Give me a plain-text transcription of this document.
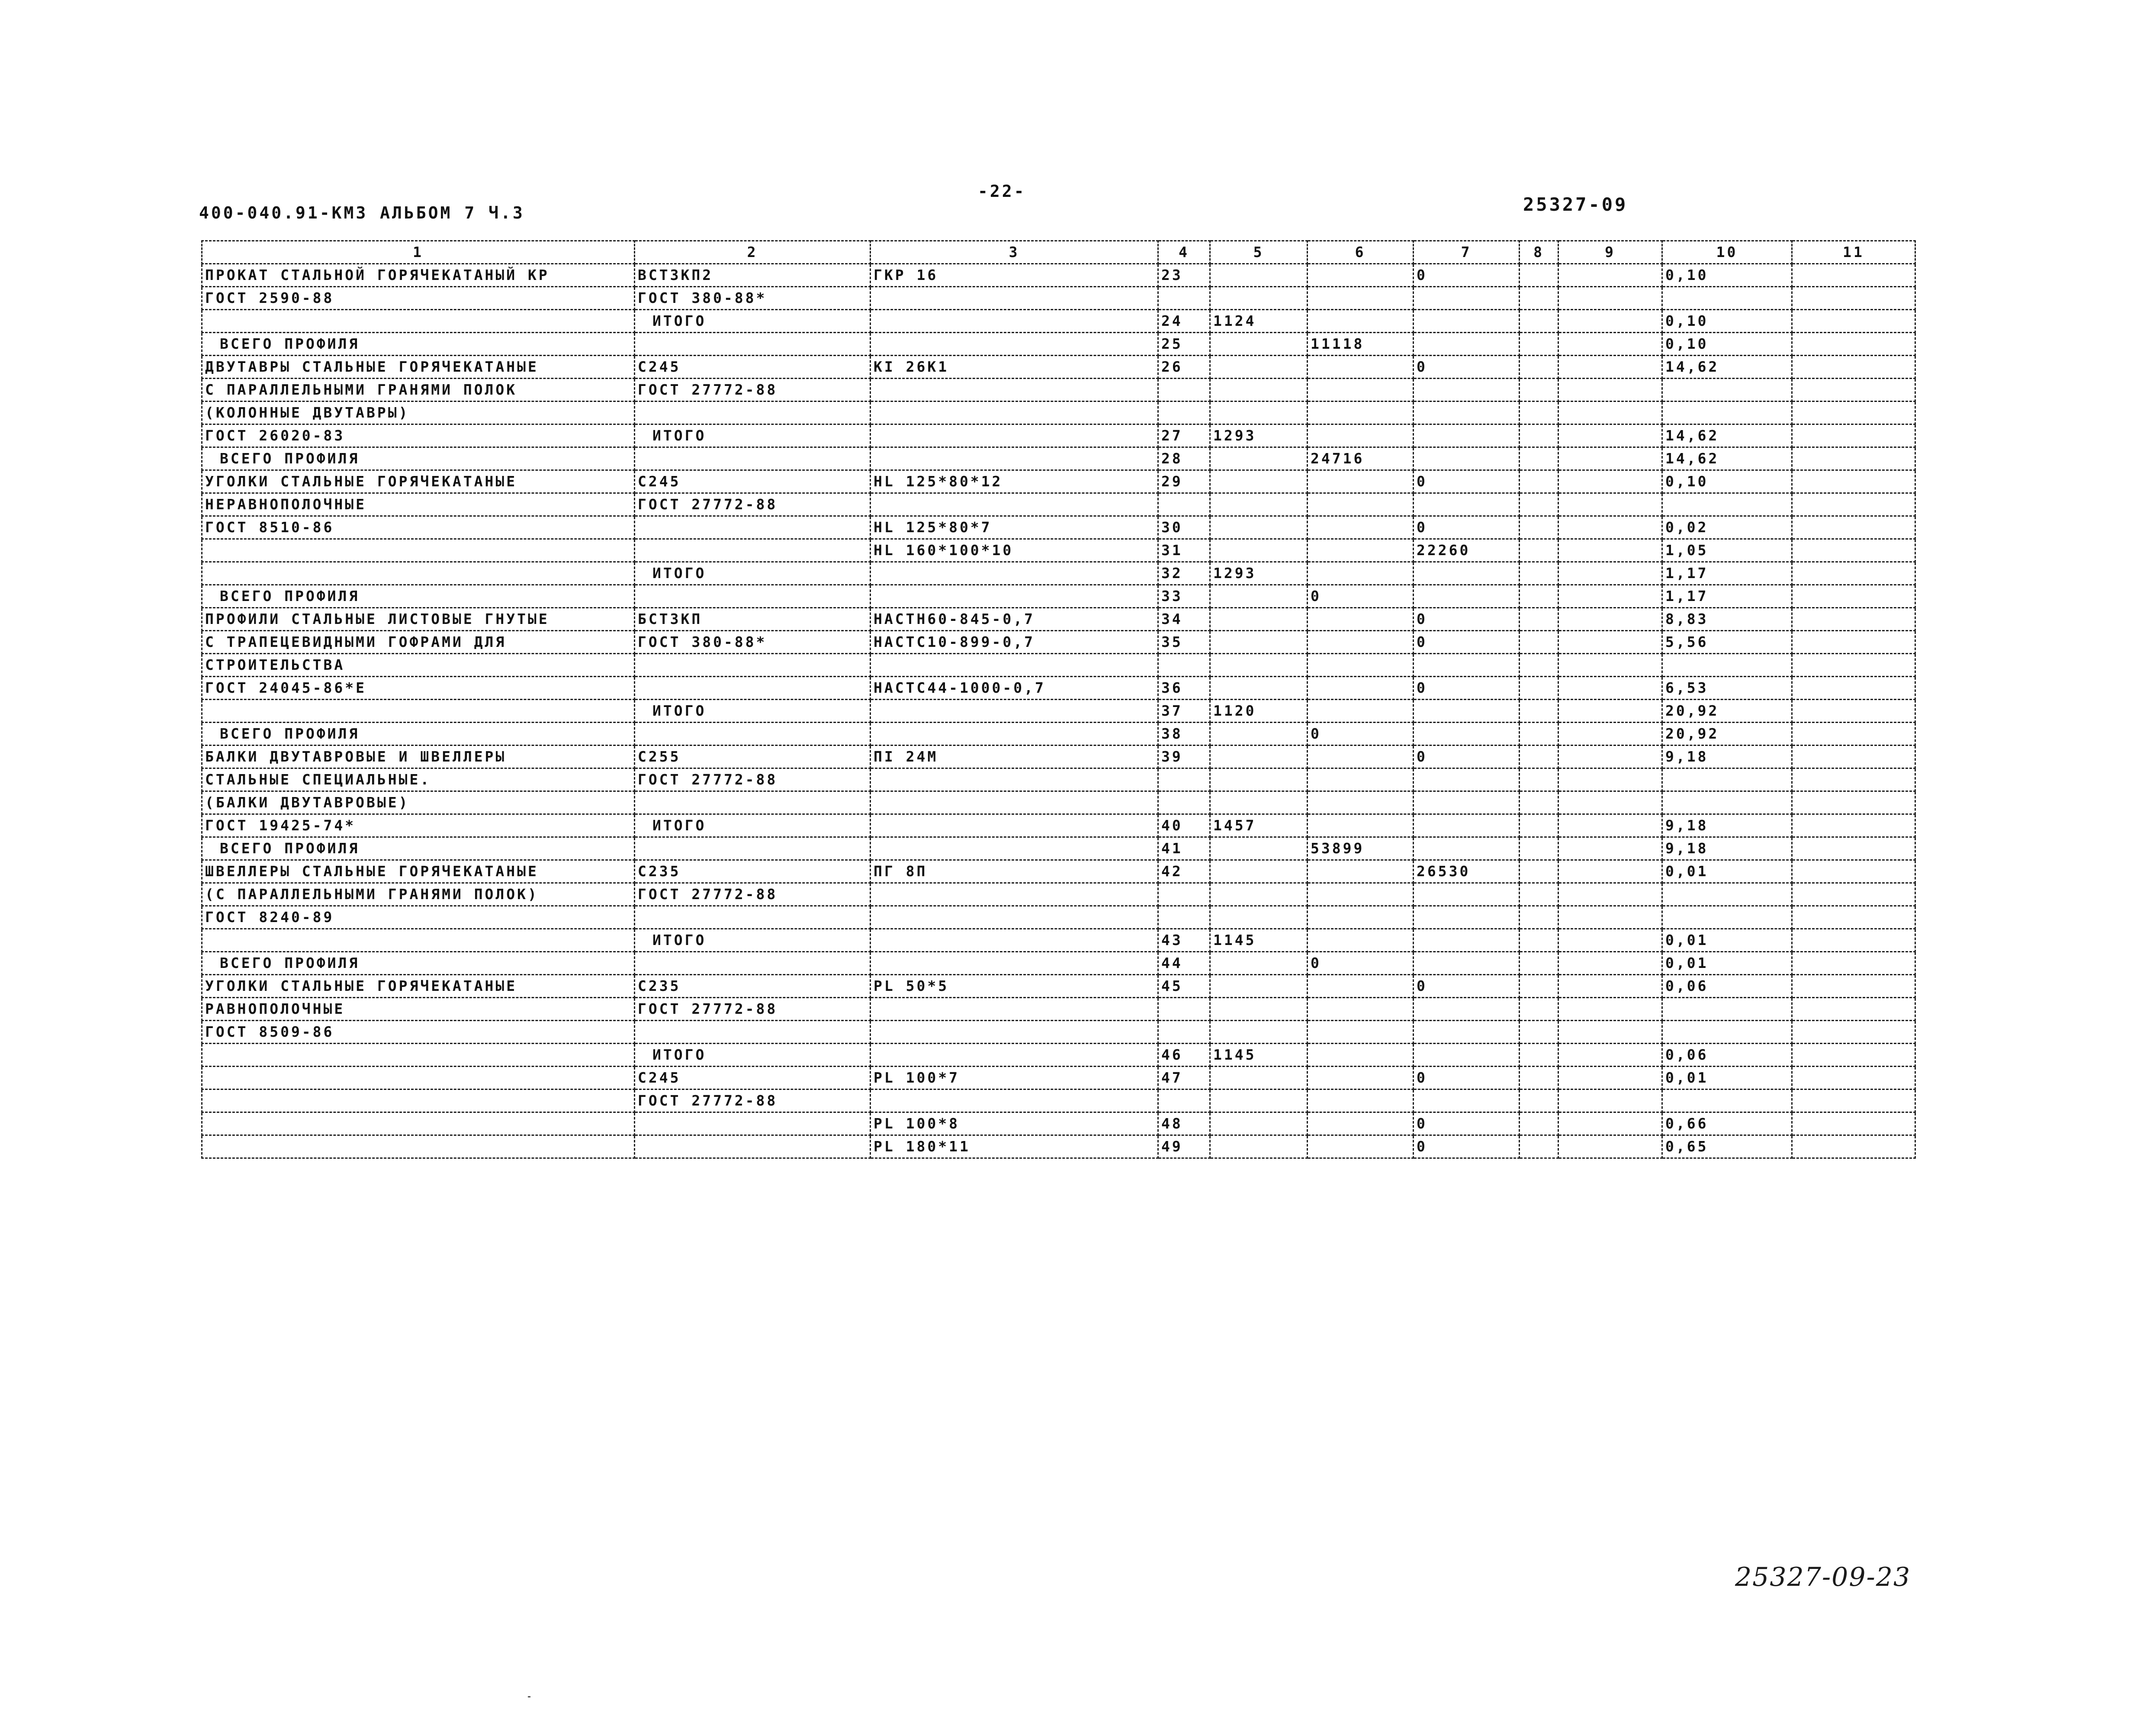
400-040.91-КМЗ АЛЬБОМ 7 Ч.3
-22-
25327-09
1	2	3	4	5	6	7	8	9	10	11
ПРОКАТ СТАЛЬНОЙ ГОРЯЧЕКАТАНЫЙ КР	ВСТ3КП2	ГКР 16	23			0			0,10	
ГОСТ 2590-88	ГОСТ 380-88*									
	ИТОГО		24	1124					0,10	
ВСЕГО ПРОФИЛЯ			25		11118				0,10	
ДВУТАВРЫ СТАЛЬНЫЕ ГОРЯЧЕКАТАНЫЕ	С245	КI 26К1	26			0			14,62	
С ПАРАЛЛЕЛЬНЫМИ ГРАНЯМИ ПОЛОК	ГОСТ 27772-88									
(КОЛОННЫЕ ДВУТАВРЫ)										
ГОСТ 26020-83	ИТОГО		27	1293					14,62	
ВСЕГО ПРОФИЛЯ			28		24716				14,62	
УГОЛКИ СТАЛЬНЫЕ ГОРЯЧЕКАТАНЫЕ	С245	НL 125*80*12	29			0			0,10	
НЕРАВНОПОЛОЧНЫЕ	ГОСТ 27772-88									
ГОСТ 8510-86		НL 125*80*7	30			0			0,02	
		НL 160*100*10	31			22260			1,05	
	ИТОГО		32	1293					1,17	
ВСЕГО ПРОФИЛЯ			33		0				1,17	
ПРОФИЛИ СТАЛЬНЫЕ ЛИСТОВЫЕ ГНУТЫЕ	БСТ3КП	НАСТН60-845-0,7	34			0			8,83	
С ТРАПЕЦЕВИДНЫМИ ГОФРАМИ ДЛЯ	ГОСТ 380-88*	НАСТС10-899-0,7	35			0			5,56	
СТРОИТЕЛЬСТВА										
ГОСТ 24045-86*Е		НАСТС44-1000-0,7	36			0			6,53	
	ИТОГО		37	1120					20,92	
ВСЕГО ПРОФИЛЯ			38		0				20,92	
БАЛКИ ДВУТАВРОВЫЕ И ШВЕЛЛЕРЫ	С255	ПI 24М	39			0			9,18	
СТАЛЬНЫЕ СПЕЦИАЛЬНЫЕ.	ГОСТ 27772-88									
(БАЛКИ ДВУТАВРОВЫЕ)										
ГОСТ 19425-74*	ИТОГО		40	1457					9,18	
ВСЕГО ПРОФИЛЯ			41		53899				9,18	
ШВЕЛЛЕРЫ СТАЛЬНЫЕ ГОРЯЧЕКАТАНЫЕ	С235	ПГ 8П	42			26530			0,01	
(С ПАРАЛЛЕЛЬНЫМИ ГРАНЯМИ ПОЛОК)	ГОСТ 27772-88									
ГОСТ 8240-89										
	ИТОГО		43	1145					0,01	
ВСЕГО ПРОФИЛЯ			44		0				0,01	
УГОЛКИ СТАЛЬНЫЕ ГОРЯЧЕКАТАНЫЕ	С235	РL 50*5	45			0			0,06	
РАВНОПОЛОЧНЫЕ	ГОСТ 27772-88									
ГОСТ 8509-86										
	ИТОГО		46	1145					0,06	
	С245	РL 100*7	47			0			0,01	
	ГОСТ 27772-88									
		РL 100*8	48			0			0,66	
		РL 180*11	49			0			0,65	
25327-09-23
